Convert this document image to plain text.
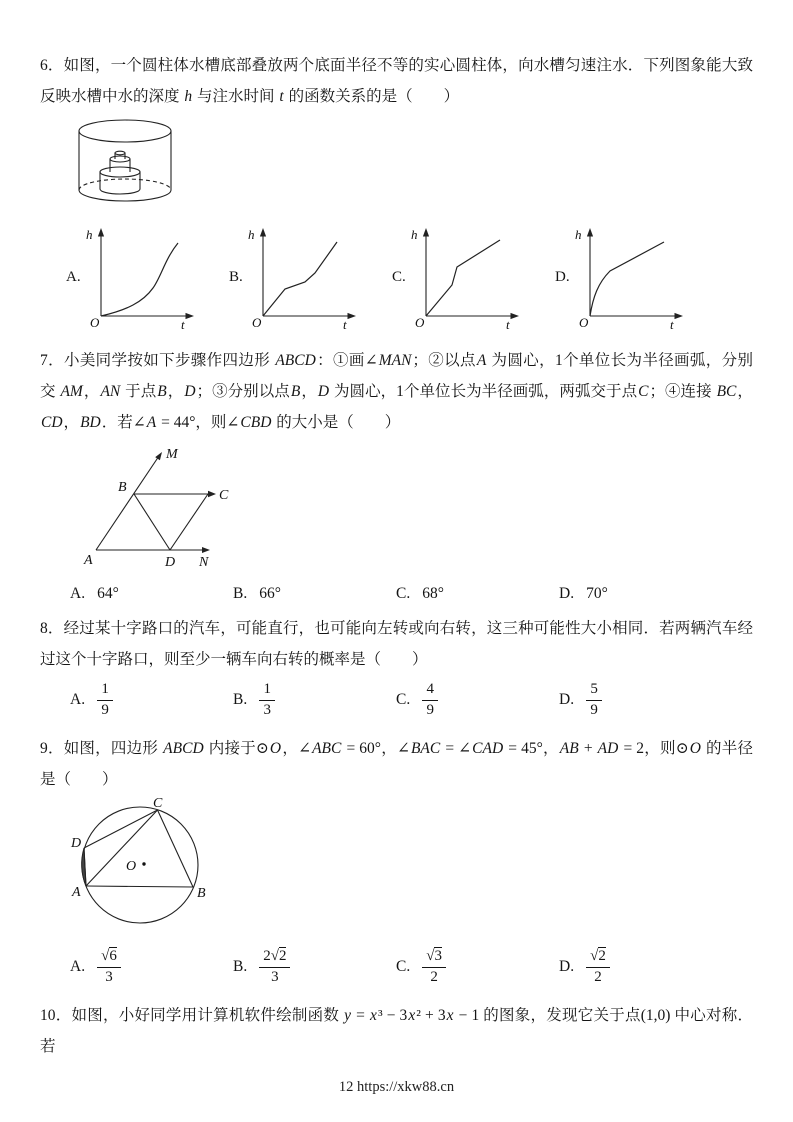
6．如图，一个圆柱体水槽底部叠放两个底面半径不等的实心圆柱体，向水槽匀速注水．下列图象能大致反映水槽中水的深度 h 与注水时间 t 的函数关系的是（　　）

A.
h
t
O
B.
h
t
O
C.
h
t
O
D.
h
t
O

7．小美同学按如下步骤作四边形 ABCD：①画∠MAN；②以点A 为圆心，1个单位长为半径画弧，分别交 AM，AN 于点B，D；③分别以点B，D 为圆心，1个单位长为半径画弧，两弧交于点C；④连接 BC，CD，BD．若∠A = 44°，则∠CBD 的大小是（　　）

M
B
C
A	D N
A. 64°	B. 66°	C. 68°	D. 70°

8．经过某十字路口的汽车，可能直行，也可能向左转或向右转，这三种可能性大小相同．若两辆汽车经过这个十字路口，则至少一辆车向右转的概率是（　　）

A. $\frac{1}{9}$	B. $\frac{1}{3}$	C. $\frac{4}{9}$	D. $\frac{5}{9}$

9．如图，四边形 ABCD 内接于⊙O，∠ABC = 60°，∠BAC = ∠CAD = 45°，AB + AD = 2，则⊙O 的半径是（　　）

O
C
D
A	B
A. $\frac{√6}{3}$	B. $\frac{2√2}{3}$	C. $\frac{√3}{2}$	D. $\frac{√2}{2}$

10．如图，小好同学用计算机软件绘制函数 y = x³ − 3x² + 3x − 1 的图象，发现它关于点(1,0) 中心对称．若

12 https://xkw88.cn
